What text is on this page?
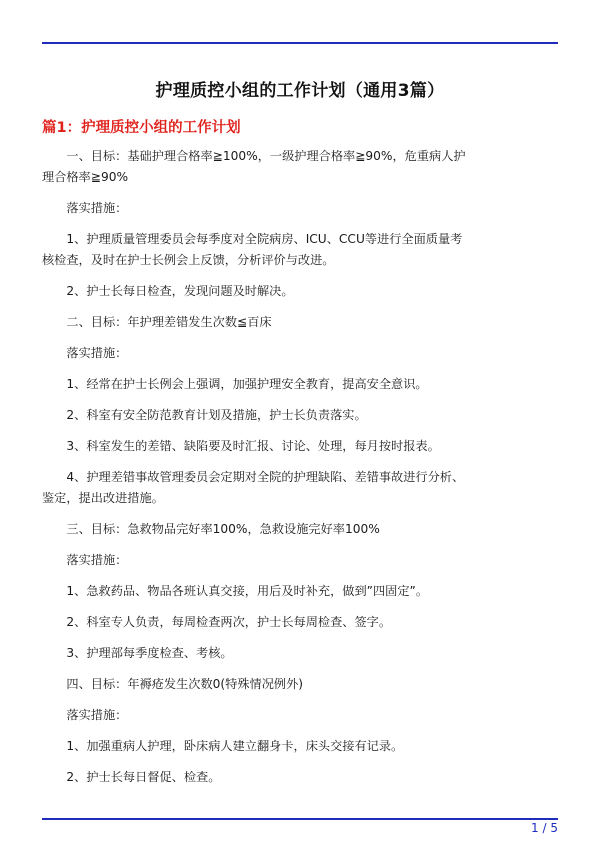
护理质控小组的工作计划（通用3篇）
篇1：护理质控小组的工作计划

一、目标：基础护理合格率≧100%，一级护理合格率≧90%，危重病人护理合格率≧90%

落实措施：

1、护理质量管理委员会每季度对全院病房、ICU、CCU等进行全面质量考核检查，及时在护士长例会上反馈，分析评价与改进。

2、护士长每日检查，发现问题及时解决。

二、目标：年护理差错发生次数≦百床

落实措施：

1、经常在护士长例会上强调，加强护理安全教育，提高安全意识。

2、科室有安全防范教育计划及措施，护士长负责落实。

3、科室发生的差错、缺陷要及时汇报、讨论、处理，每月按时报表。

4、护理差错事故管理委员会定期对全院的护理缺陷、差错事故进行分析、鉴定，提出改进措施。

三、目标：急救物品完好率100%，急救设施完好率100%

落实措施：

1、急救药品、物品各班认真交接，用后及时补充，做到”四固定”。

2、科室专人负责，每周检查两次，护士长每周检查、签字。

3、护理部每季度检查、考核。

四、目标：年褥疮发生次数0(特殊情况例外)

落实措施：

1、加强重病人护理，卧床病人建立翻身卡，床头交接有记录。

2、护士长每日督促、检查。

1 / 5
